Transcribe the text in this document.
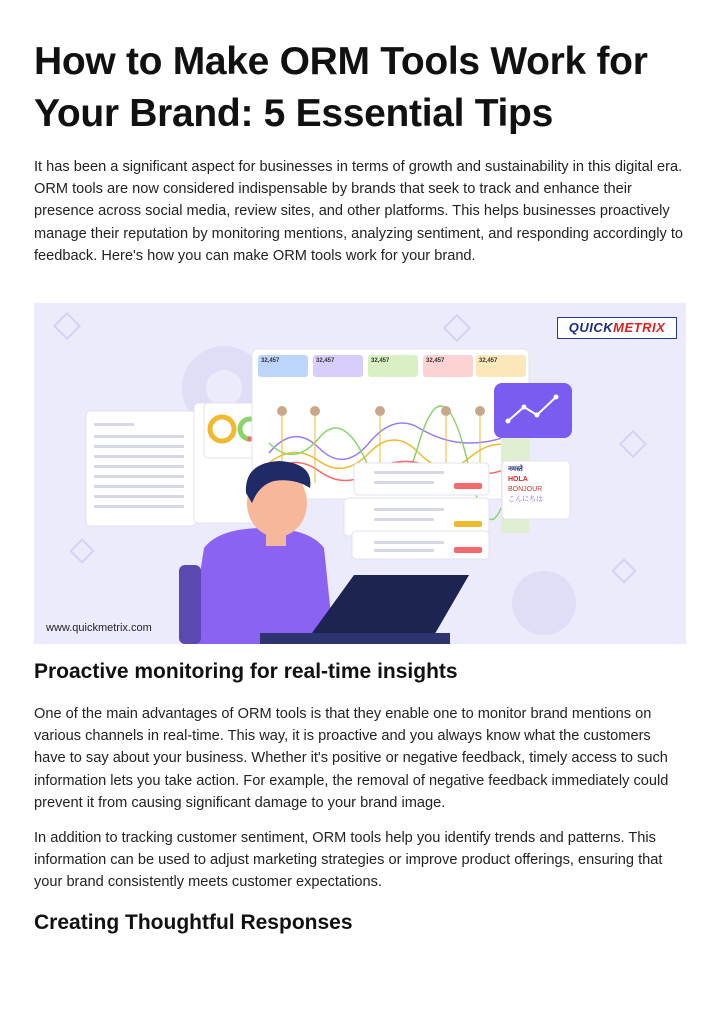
How to Make ORM Tools Work for Your Brand: 5 Essential Tips

It has been a significant aspect for businesses in terms of growth and sustainability in this digital era. ORM tools are now considered indispensable by brands that seek to track and enhance their presence across social media, review sites, and other platforms. This helps businesses proactively manage their reputation by monitoring mentions, analyzing sentiment, and responding accordingly to feedback. Here's how you can make ORM tools work for your brand.

32,457	32,457	32,457	32,457	32,457
नमस्ते
HOLA
BONJOUR
こんにちは
QUICKMETRIX
www.quickmetrix.com
Proactive monitoring for real-time insights

One of the main advantages of ORM tools is that they enable one to monitor brand mentions on various channels in real-time. This way, it is proactive and you always know what the customers have to say about your business. Whether it's positive or negative feedback, timely access to such information lets you take action. For example, the removal of negative feedback immediately could prevent it from causing significant damage to your brand image.

In addition to tracking customer sentiment, ORM tools help you identify trends and patterns. This information can be used to adjust marketing strategies or improve product offerings, ensuring that your brand consistently meets customer expectations.

Creating Thoughtful Responses
